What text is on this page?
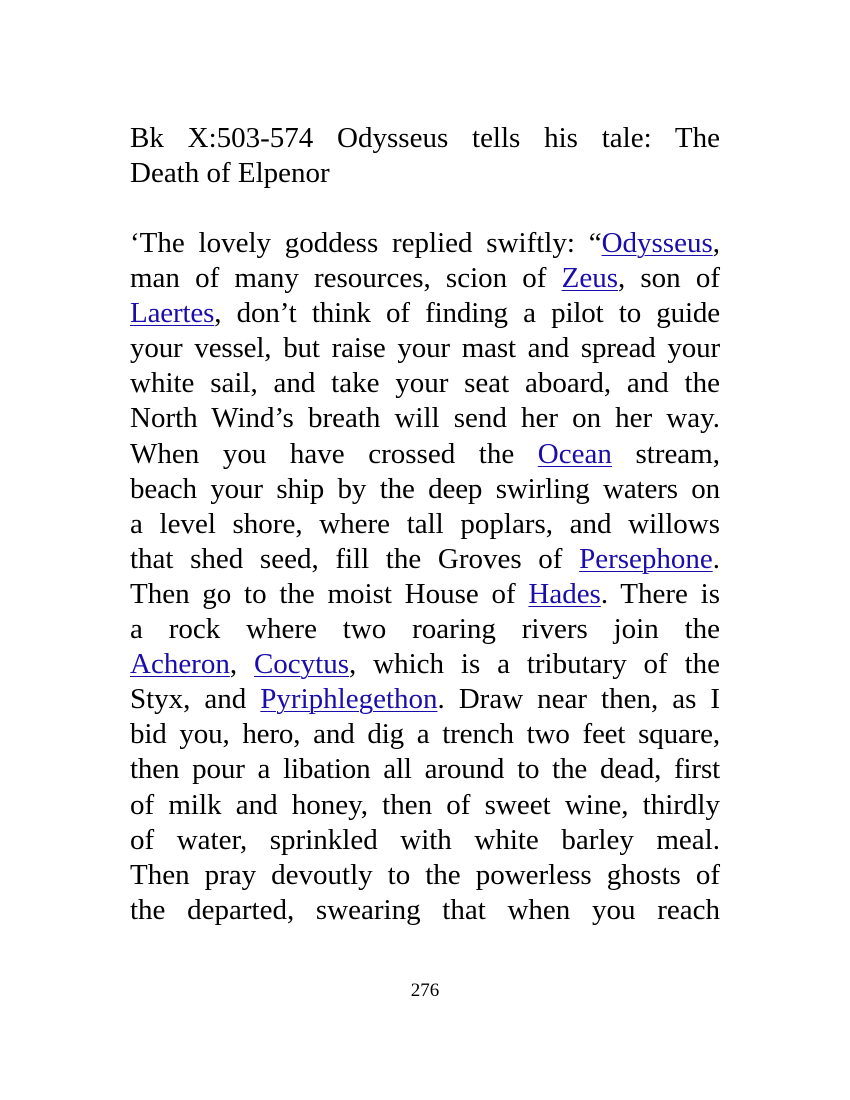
Bk X:503-574 Odysseus tells his tale: The
Death of Elpenor
‘The lovely goddess replied swiftly: “Odysseus,
man of many resources, scion of Zeus, son of
Laertes, don’t think of finding a pilot to guide
your vessel, but raise your mast and spread your
white sail, and take your seat aboard, and the
North Wind’s breath will send her on her way.
When you have crossed the Ocean stream,
beach your ship by the deep swirling waters on
a level shore, where tall poplars, and willows
that shed seed, fill the Groves of Persephone.
Then go to the moist House of Hades. There is
a rock where two roaring rivers join the
Acheron, Cocytus, which is a tributary of the
Styx, and Pyriphlegethon. Draw near then, as I
bid you, hero, and dig a trench two feet square,
then pour a libation all around to the dead, first
of milk and honey, then of sweet wine, thirdly
of water, sprinkled with white barley meal.
Then pray devoutly to the powerless ghosts of
the departed, swearing that when you reach
276
